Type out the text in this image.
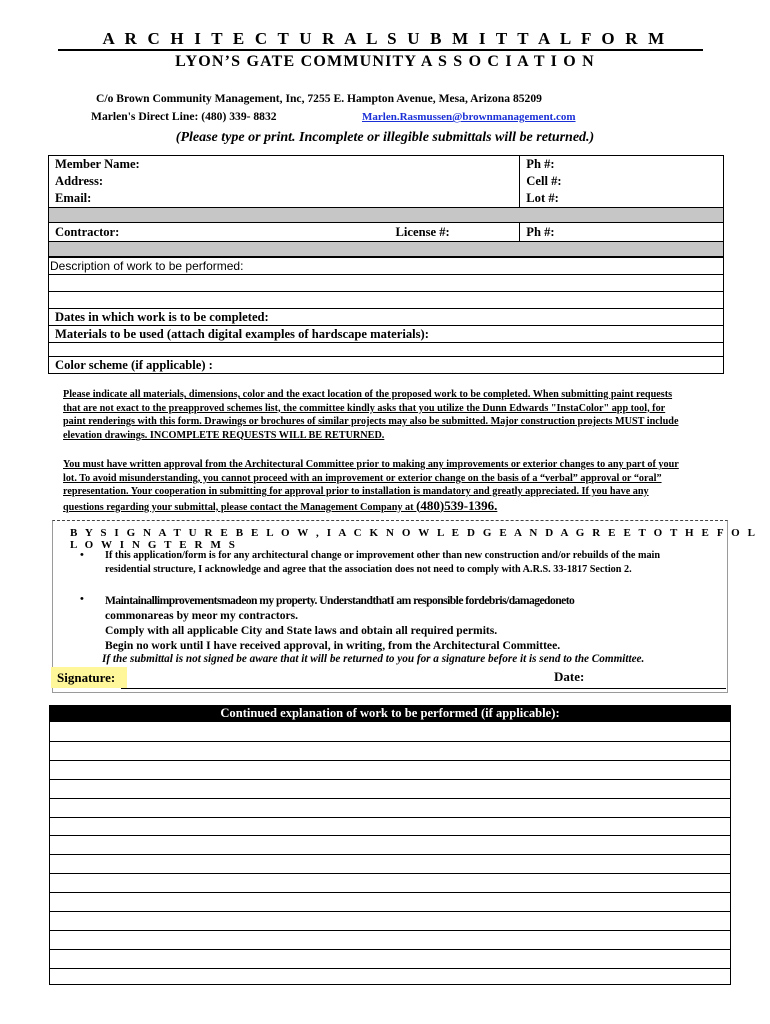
A R C H I T E C T U R A L S U B M I T T A L F O R M
LYON’S GATE COMMUNITY A S S O C I A T I O N
C/o Brown Community Management, Inc, 7255 E. Hampton Avenue, Mesa, Arizona 85209
Marlen's Direct Line: (480) 339- 8832	Marlen.Rasmussen@brownmanagement.com
(Please type or print. Incomplete or illegible submittals will be returned.)
Member Name:	Ph #:
Address:	Cell #:
Email:	Lot #:

Contractor: License #:	Ph #:

Description of work to be performed:

Dates in which work is to be completed:
Materials to be used (attach digital examples of hardscape materials):

Color scheme (if applicable) :
Please indicate all materials, dimensions, color and the exact location of the proposed work to be completed. When submitting paint requests that are not exact to the preapproved schemes list, the committee kindly asks that you utilize the Dunn Edwards "InstaColor" app tool, for paint renderings with this form. Drawings or brochures of similar projects may also be submitted. Major construction projects MUST include elevation drawings. INCOMPLETE REQUESTS WILL BE RETURNED.
You must have written approval from the Architectural Committee prior to making any improvements or exterior changes to any part of your lot. To avoid misunderstanding, you cannot proceed with an improvement or exterior change on the basis of a “verbal” approval or “oral” representation. Your cooperation in submitting for approval prior to installation is mandatory and greatly appreciated. If you have any questions regarding your submittal, please contact the Management Company at (480)539-1396.
B Y S I G N A T U R E B E L O W , I A C K N O W L E D G E A N D A G R E E T O T H E F O L L O W I N G T E R M S
• If this application/form is for any architectural change or improvement other than new construction and/or rebuilds of the main residential structure, I acknowledge and agree that the association does not need to comply with A.R.S. 33-1817 Section 2.
• Maintainallimprovementsmadeon my property. UnderstandthatI am responsible fordebris/damagedoneto
commonareas by meor my contractors.
Comply with all applicable City and State laws and obtain all required permits.
Begin no work until I have received approval, in writing, from the Architectural Committee.
If the submittal is not signed be aware that it will be returned to you for a signature before it is send to the Committee.
Signature:	Date:
Continued explanation of work to be performed (if applicable):
